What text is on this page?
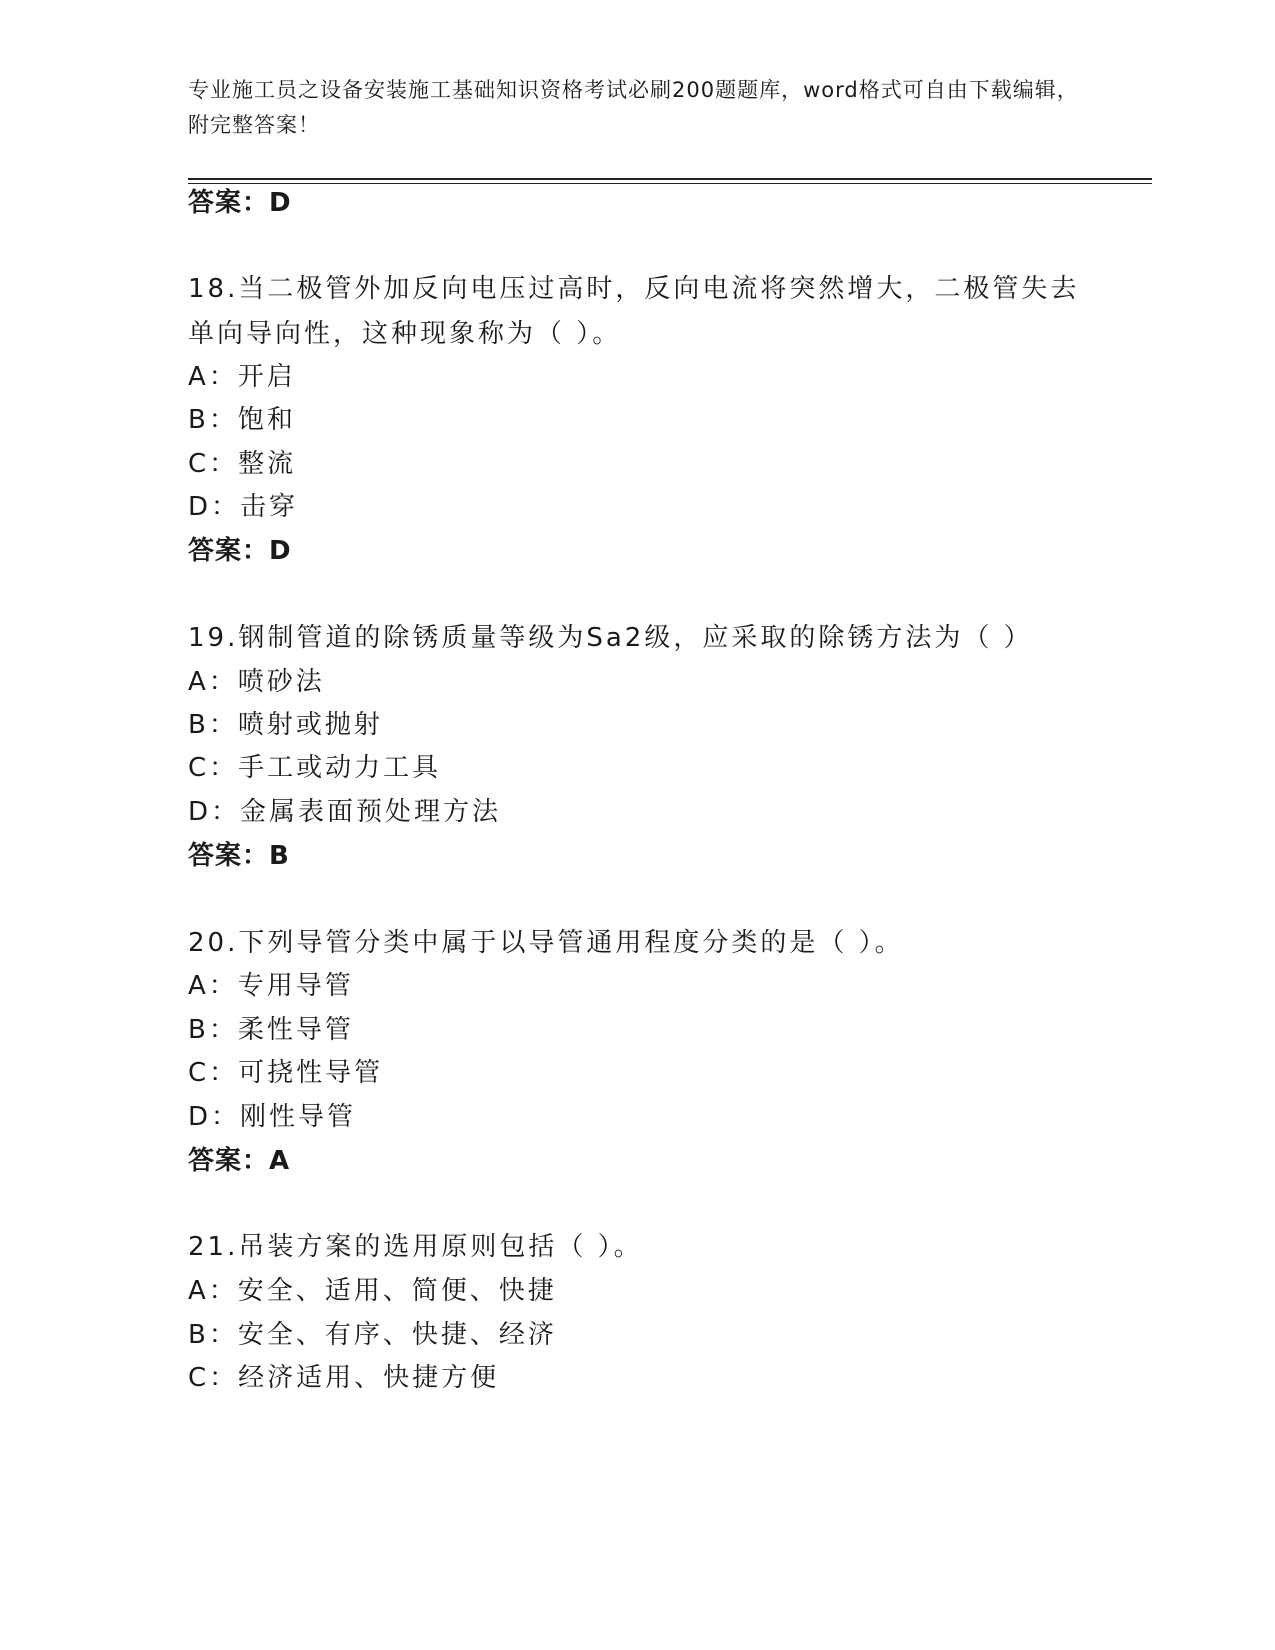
专业施工员之设备安装施工基础知识资格考试必刷200题题库，word格式可自由下载编辑，附完整答案！
答案：D
18.当二极管外加反向电压过高时，反向电流将突然增大，二极管失去单向导向性，这种现象称为（ ）。
A：开启
B：饱和
C：整流
D：击穿
答案：D
19.钢制管道的除锈质量等级为Sa2级，应采取的除锈方法为（ ）
A：喷砂法
B：喷射或抛射
C：手工或动力工具
D：金属表面预处理方法
答案：B
20.下列导管分类中属于以导管通用程度分类的是（ ）。
A：专用导管
B：柔性导管
C：可挠性导管
D：刚性导管
答案：A
21.吊装方案的选用原则包括（ ）。
A：安全、适用、简便、快捷
B：安全、有序、快捷、经济
C：经济适用、快捷方便
